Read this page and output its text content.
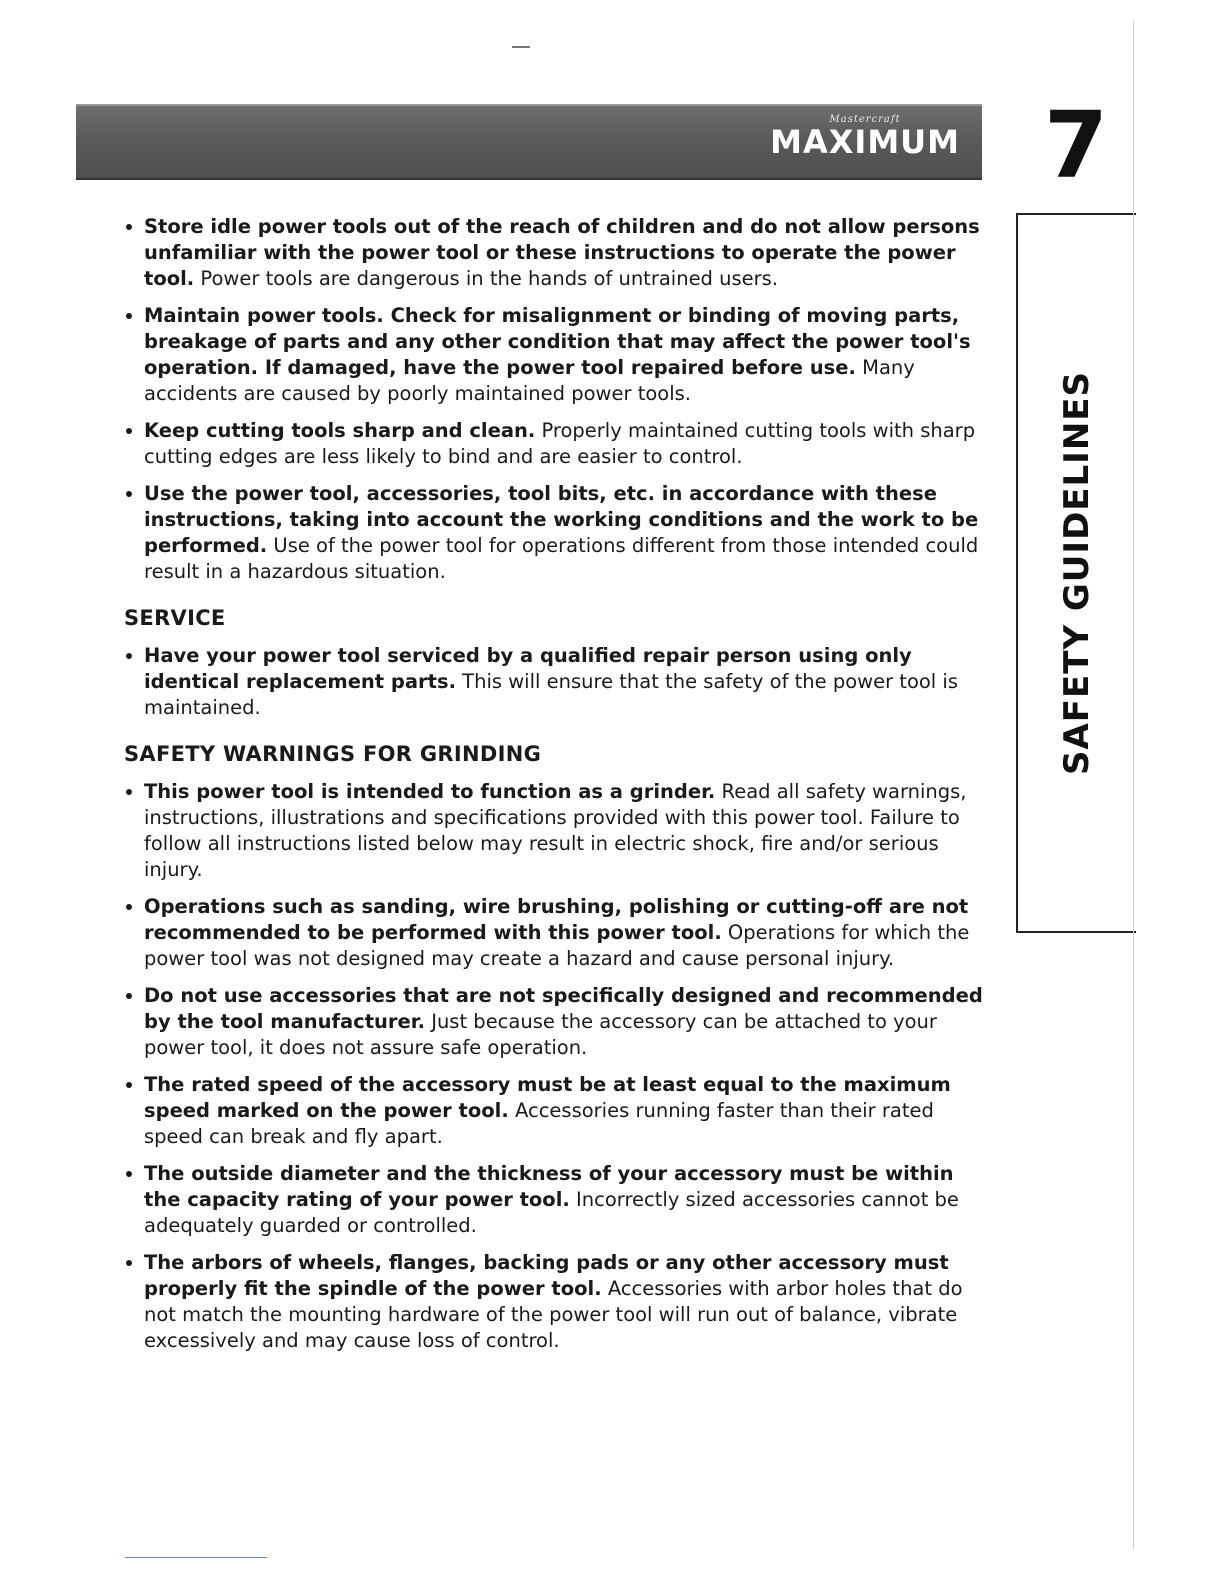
Mastercraft
MAXIMUM 7
SAFETY GUIDELINES
Store idle power tools out of the reach of children and do not allow persons unfamiliar with the power tool or these instructions to operate the power tool. Power tools are dangerous in the hands of untrained users.
Maintain power tools. Check for misalignment or binding of moving parts, breakage of parts and any other condition that may affect the power tool's operation. If damaged, have the power tool repaired before use. Many accidents are caused by poorly maintained power tools.
Keep cutting tools sharp and clean. Properly maintained cutting tools with sharp cutting edges are less likely to bind and are easier to control.
Use the power tool, accessories, tool bits, etc. in accordance with these instructions, taking into account the working conditions and the work to be performed. Use of the power tool for operations different from those intended could result in a hazardous situation.
SERVICE
Have your power tool serviced by a qualified repair person using only identical replacement parts. This will ensure that the safety of the power tool is maintained.
SAFETY WARNINGS FOR GRINDING
This power tool is intended to function as a grinder. Read all safety warnings, instructions, illustrations and specifications provided with this power tool. Failure to follow all instructions listed below may result in electric shock, fire and/or serious injury.
Operations such as sanding, wire brushing, polishing or cutting-off are not recommended to be performed with this power tool. Operations for which the power tool was not designed may create a hazard and cause personal injury.
Do not use accessories that are not specifically designed and recommended by the tool manufacturer. Just because the accessory can be attached to your power tool, it does not assure safe operation.
The rated speed of the accessory must be at least equal to the maximum speed marked on the power tool. Accessories running faster than their rated speed can break and fly apart.
The outside diameter and the thickness of your accessory must be within the capacity rating of your power tool. Incorrectly sized accessories cannot be adequately guarded or controlled.
The arbors of wheels, flanges, backing pads or any other accessory must properly fit the spindle of the power tool. Accessories with arbor holes that do not match the mounting hardware of the power tool will run out of balance, vibrate excessively and may cause loss of control.
